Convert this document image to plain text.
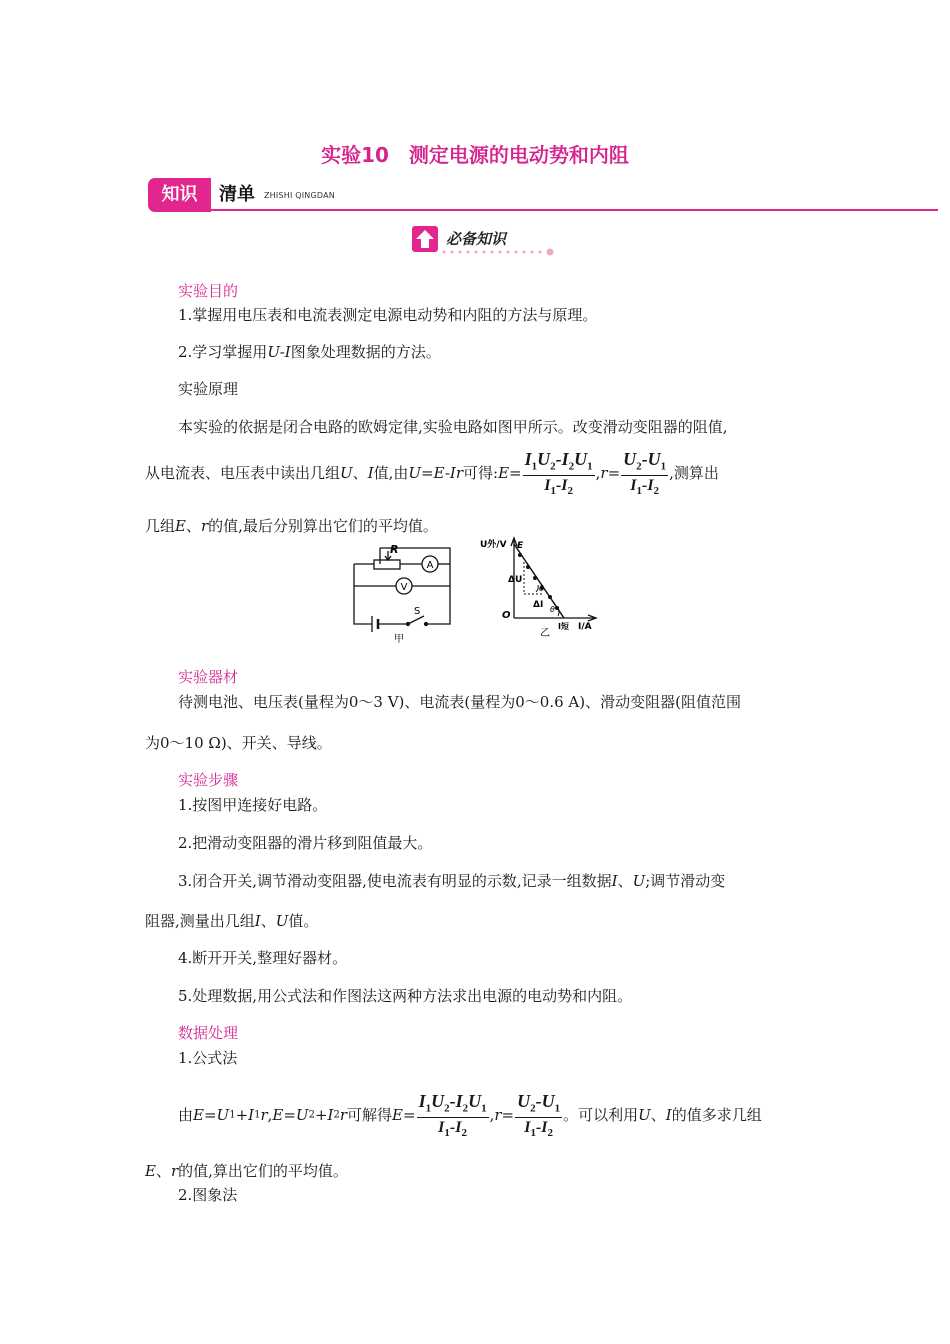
实验10　测定电源的电动势和内阻
知识	清单	ZHISHI QINGDAN
必备知识
实验目的
1.掌握用电压表和电流表测定电源电动势和内阻的方法与原理。
2.学习掌握用U-I图象处理数据的方法。
实验原理
本实验的依据是闭合电路的欧姆定律,实验电路如图甲所示。改变滑动变阻器的阻值,
从电流表、电压表中读出几组U、I值,由U=E-Ir可得:E= $\frac{I_1U_2-I_2U_1}{I_1-I_2} ,r= \frac{U_2-U_1}{I_1-I_2}$ ,测算出
几组E、r的值,最后分别算出它们的平均值。
R
A
V
S
甲
U外/V E
ΔU
ΔI
θ
θ
O
I短 I/A
乙
实验器材
待测电池、电压表(量程为0～3 V)、电流表(量程为0～0.6 A)、滑动变阻器(阻值范围
为0～10 Ω)、开关、导线。
实验步骤
1.按图甲连接好电路。
2.把滑动变阻器的滑片移到阻值最大。
3.闭合开关,调节滑动变阻器,使电流表有明显的示数,记录一组数据I、U;调节滑动变
阻器,测量出几组I、U值。
4.断开开关,整理好器材。
5.处理数据,用公式法和作图法这两种方法求出电源的电动势和内阻。
数据处理
1.公式法
由E=U1+I1r,E=U2+I2r可解得$E= \frac{I_1U_2-I_2U_1}{I_1-I_2} ,r= \frac{U_2-U_1}{I_1-I_2}$ 。可以利用U、I的值多求几组
E、r的值,算出它们的平均值。
2.图象法
